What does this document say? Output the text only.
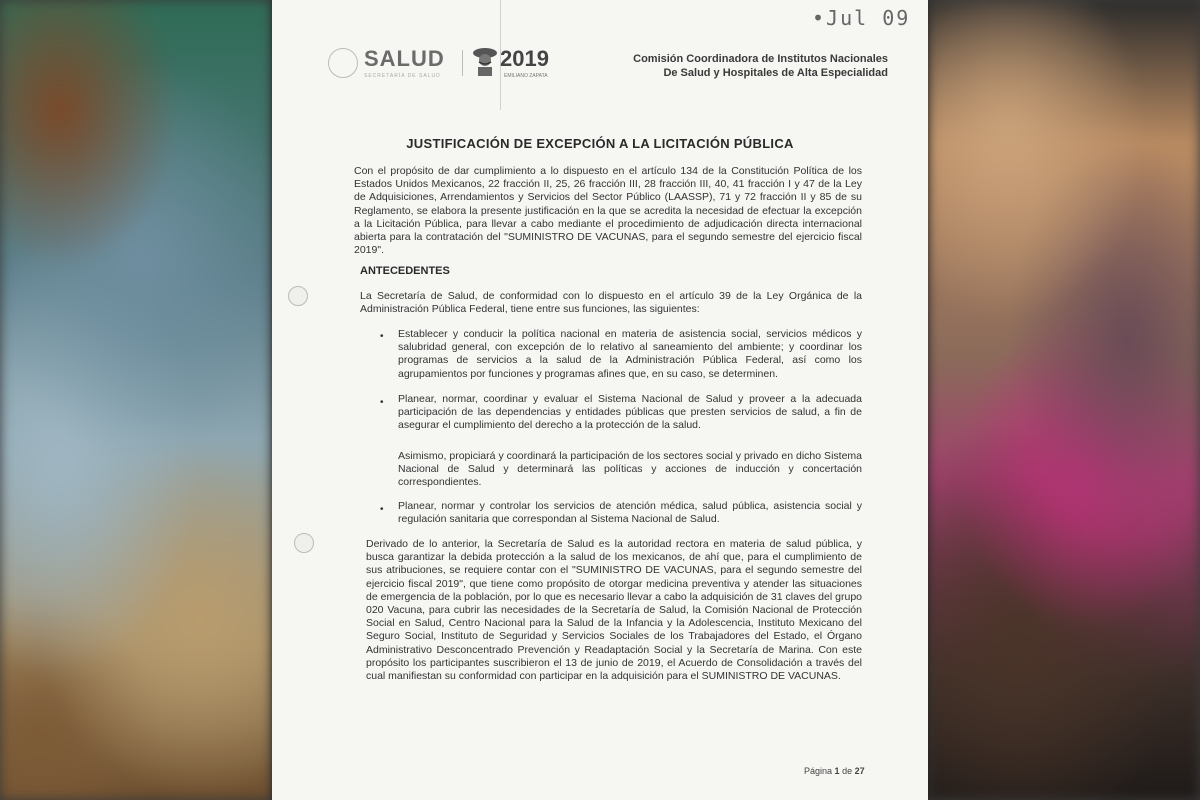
•Jul 09
SALUD
SECRETARÍA DE SALUD
2019
EMILIANO ZAPATA
Comisión Coordinadora de Institutos Nacionales
De Salud y Hospitales de Alta Especialidad
JUSTIFICACIÓN DE EXCEPCIÓN A LA LICITACIÓN PÚBLICA
Con el propósito de dar cumplimiento a lo dispuesto en el artículo 134 de la Constitución Política de los Estados Unidos Mexicanos, 22 fracción II, 25, 26 fracción III, 28 fracción III, 40, 41 fracción I y 47 de la Ley de Adquisiciones, Arrendamientos y Servicios del Sector Público (LAASSP), 71 y 72 fracción II y 85 de su Reglamento, se elabora la presente justificación en la que se acredita la necesidad de efectuar la excepción a la Licitación Pública, para llevar a cabo mediante el procedimiento de adjudicación directa internacional abierta para la contratación del "SUMINISTRO DE VACUNAS, para el segundo semestre del ejercicio fiscal 2019".
ANTECEDENTES
La Secretaría de Salud, de conformidad con lo dispuesto en el artículo 39 de la Ley Orgánica de la Administración Pública Federal, tiene entre sus funciones, las siguientes:
• Establecer y conducir la política nacional en materia de asistencia social, servicios médicos y salubridad general, con excepción de lo relativo al saneamiento del ambiente; y coordinar los programas de servicios a la salud de la Administración Pública Federal, así como los agrupamientos por funciones y programas afines que, en su caso, se determinen.
• Planear, normar, coordinar y evaluar el Sistema Nacional de Salud y proveer a la adecuada participación de las dependencias y entidades públicas que presten servicios de salud, a fin de asegurar el cumplimiento del derecho a la protección de la salud.
Asimismo, propiciará y coordinará la participación de los sectores social y privado en dicho Sistema Nacional de Salud y determinará las políticas y acciones de inducción y concertación correspondientes.
• Planear, normar y controlar los servicios de atención médica, salud pública, asistencia social y regulación sanitaria que correspondan al Sistema Nacional de Salud.
Derivado de lo anterior, la Secretaría de Salud es la autoridad rectora en materia de salud pública, y busca garantizar la debida protección a la salud de los mexicanos, de ahí que, para el cumplimiento de sus atribuciones, se requiere contar con el "SUMINISTRO DE VACUNAS, para el segundo semestre del ejercicio fiscal 2019", que tiene como propósito de otorgar medicina preventiva y atender las situaciones de emergencia de la población, por lo que es necesario llevar a cabo la adquisición de 31 claves del grupo 020 Vacuna, para cubrir las necesidades de la Secretaría de Salud, la Comisión Nacional de Protección Social en Salud, Centro Nacional para la Salud de la Infancia y la Adolescencia, Instituto Mexicano del Seguro Social, Instituto de Seguridad y Servicios Sociales de los Trabajadores del Estado, el Órgano Administrativo Desconcentrado Prevención y Readaptación Social y la Secretaría de Marina. Con este propósito los participantes suscribieron el 13 de junio de 2019, el Acuerdo de Consolidación a través del cual manifiestan su conformidad con participar en la adquisición para el SUMINISTRO DE VACUNAS.
Página 1 de 27
